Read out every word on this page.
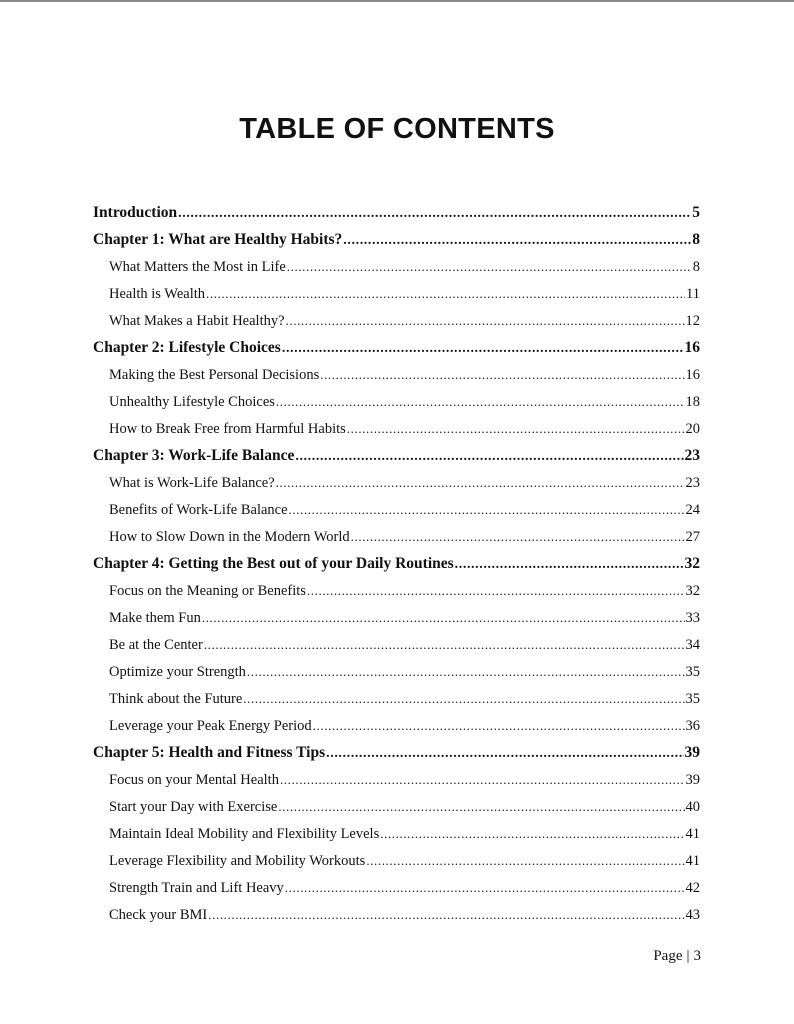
TABLE OF CONTENTS
Introduction .....	5
Chapter 1: What are Healthy Habits? .....	8
What Matters the Most in Life .....	8
Health is Wealth .....	11
What Makes a Habit Healthy? .....	12
Chapter 2: Lifestyle Choices .....	16
Making the Best Personal Decisions .....	16
Unhealthy Lifestyle Choices .....	18
How to Break Free from Harmful Habits .....	20
Chapter 3: Work-Life Balance .....	23
What is Work-Life Balance? .....	23
Benefits of Work-Life Balance .....	24
How to Slow Down in the Modern World .....	27
Chapter 4: Getting the Best out of your Daily Routines .....	32
Focus on the Meaning or Benefits .....	32
Make them Fun .....	33
Be at the Center .....	34
Optimize your Strength .....	35
Think about the Future .....	35
Leverage your Peak Energy Period .....	36
Chapter 5: Health and Fitness Tips .....	39
Focus on your Mental Health .....	39
Start your Day with Exercise .....	40
Maintain Ideal Mobility and Flexibility Levels .....	41
Leverage Flexibility and Mobility Workouts .....	41
Strength Train and Lift Heavy .....	42
Check your BMI .....	43
Page | 3
